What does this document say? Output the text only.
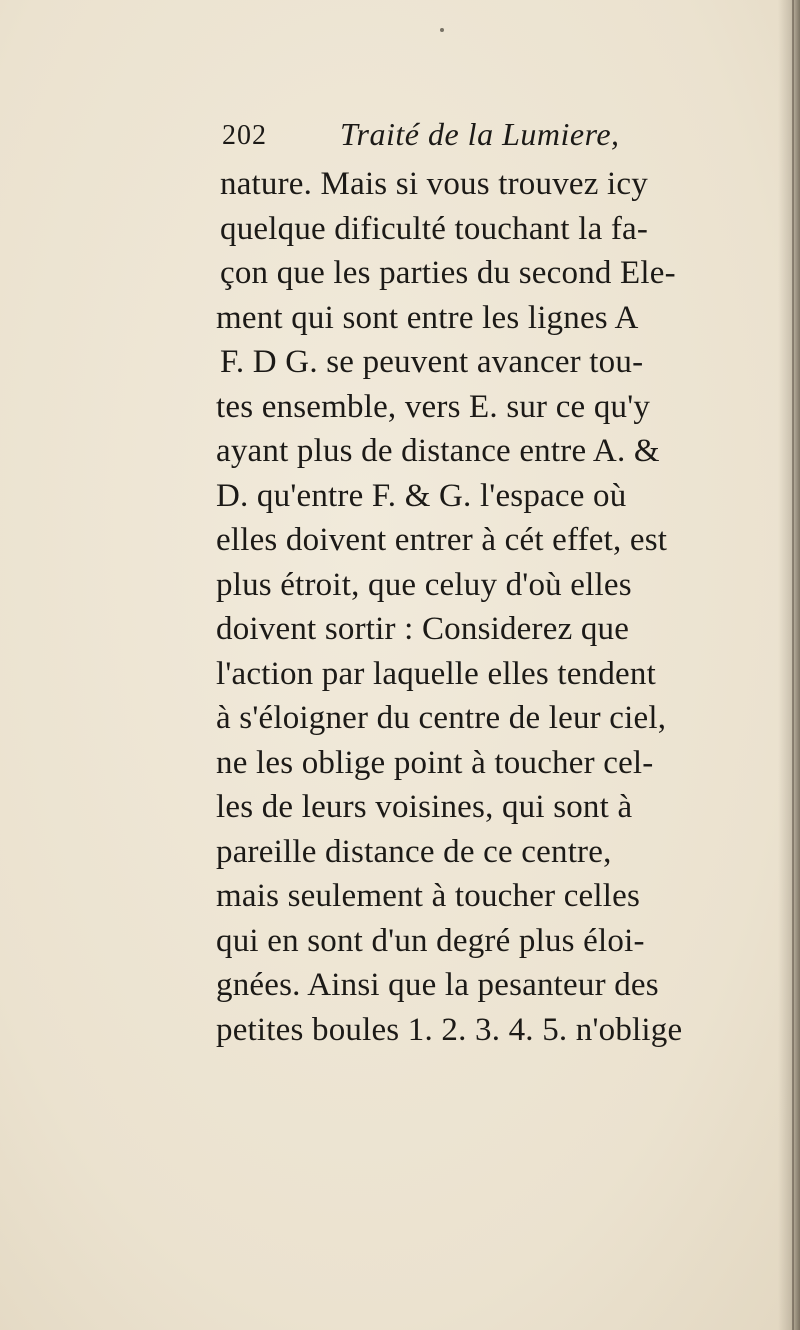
202 Traité de la Lumiere,
nature. Mais si vous trouvez icy
quelque dificulté touchant la fa-
çon que les parties du second Ele-
ment qui sont entre les lignes A
F. D G. se peuvent avancer tou-
tes ensemble, vers E. sur ce qu'y
ayant plus de distance entre A. &
D. qu'entre F. & G. l'espace où
elles doivent entrer à cét effet, est
plus étroit, que celuy d'où elles
doivent sortir : Considerez que
l'action par laquelle elles tendent
à s'éloigner du centre de leur ciel,
ne les oblige point à toucher cel-
les de leurs voisines, qui sont à
pareille distance de ce centre,
mais seulement à toucher celles
qui en sont d'un degré plus éloi-
gnées. Ainsi que la pesanteur des
petites boules 1. 2. 3. 4. 5. n'oblige
